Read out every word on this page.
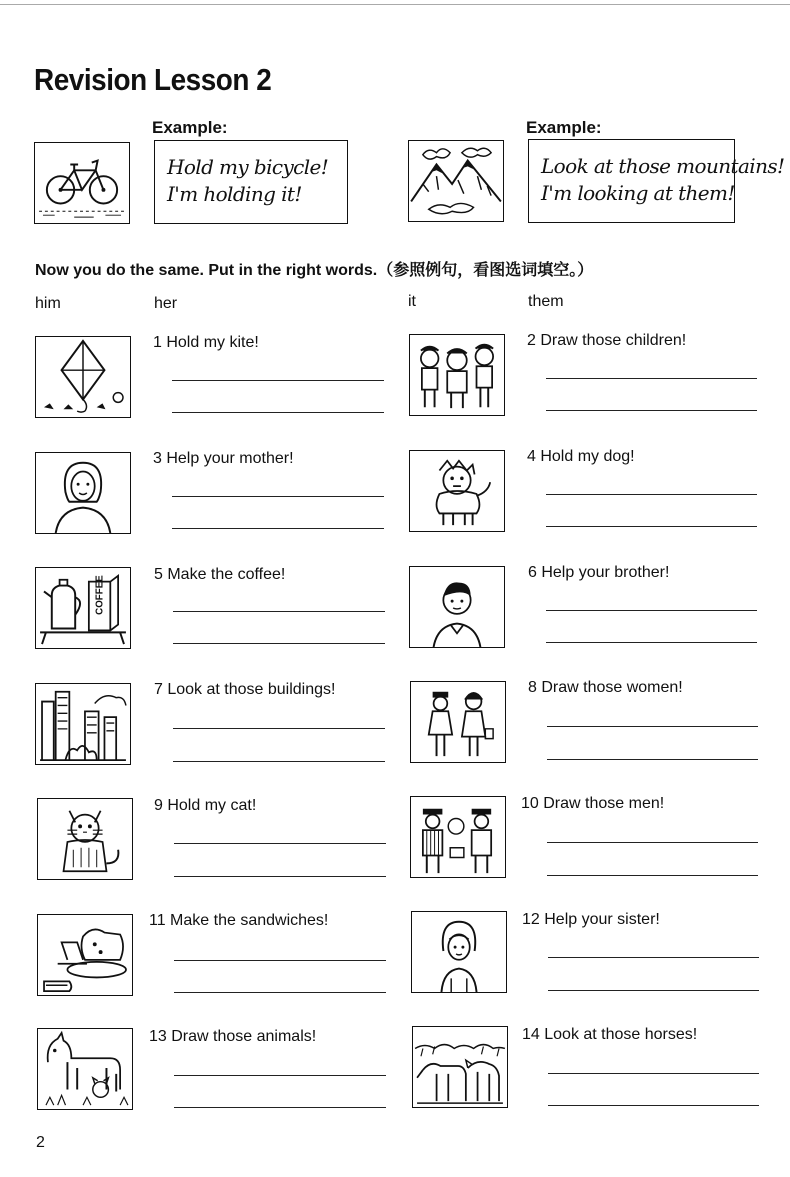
Revision Lesson 2
Example:
Hold my bicycle!
I'm holding it!
Example:
Look at those mountains!
I'm looking at them!
Now you do the same. Put in the right words.（参照例句，看图选词填空。）
him	her	it	them
1 Hold my kite!	2 Draw those children!
3 Help your mother!	4 Hold my dog!
COFFEE
5 Make the coffee!	6 Help your brother!
7 Look at those buildings!	8 Draw those women!
9 Hold my cat!	10 Draw those men!
11 Make the sandwiches!	12 Help your sister!
13 Draw those animals!	14 Look at those horses!
2
